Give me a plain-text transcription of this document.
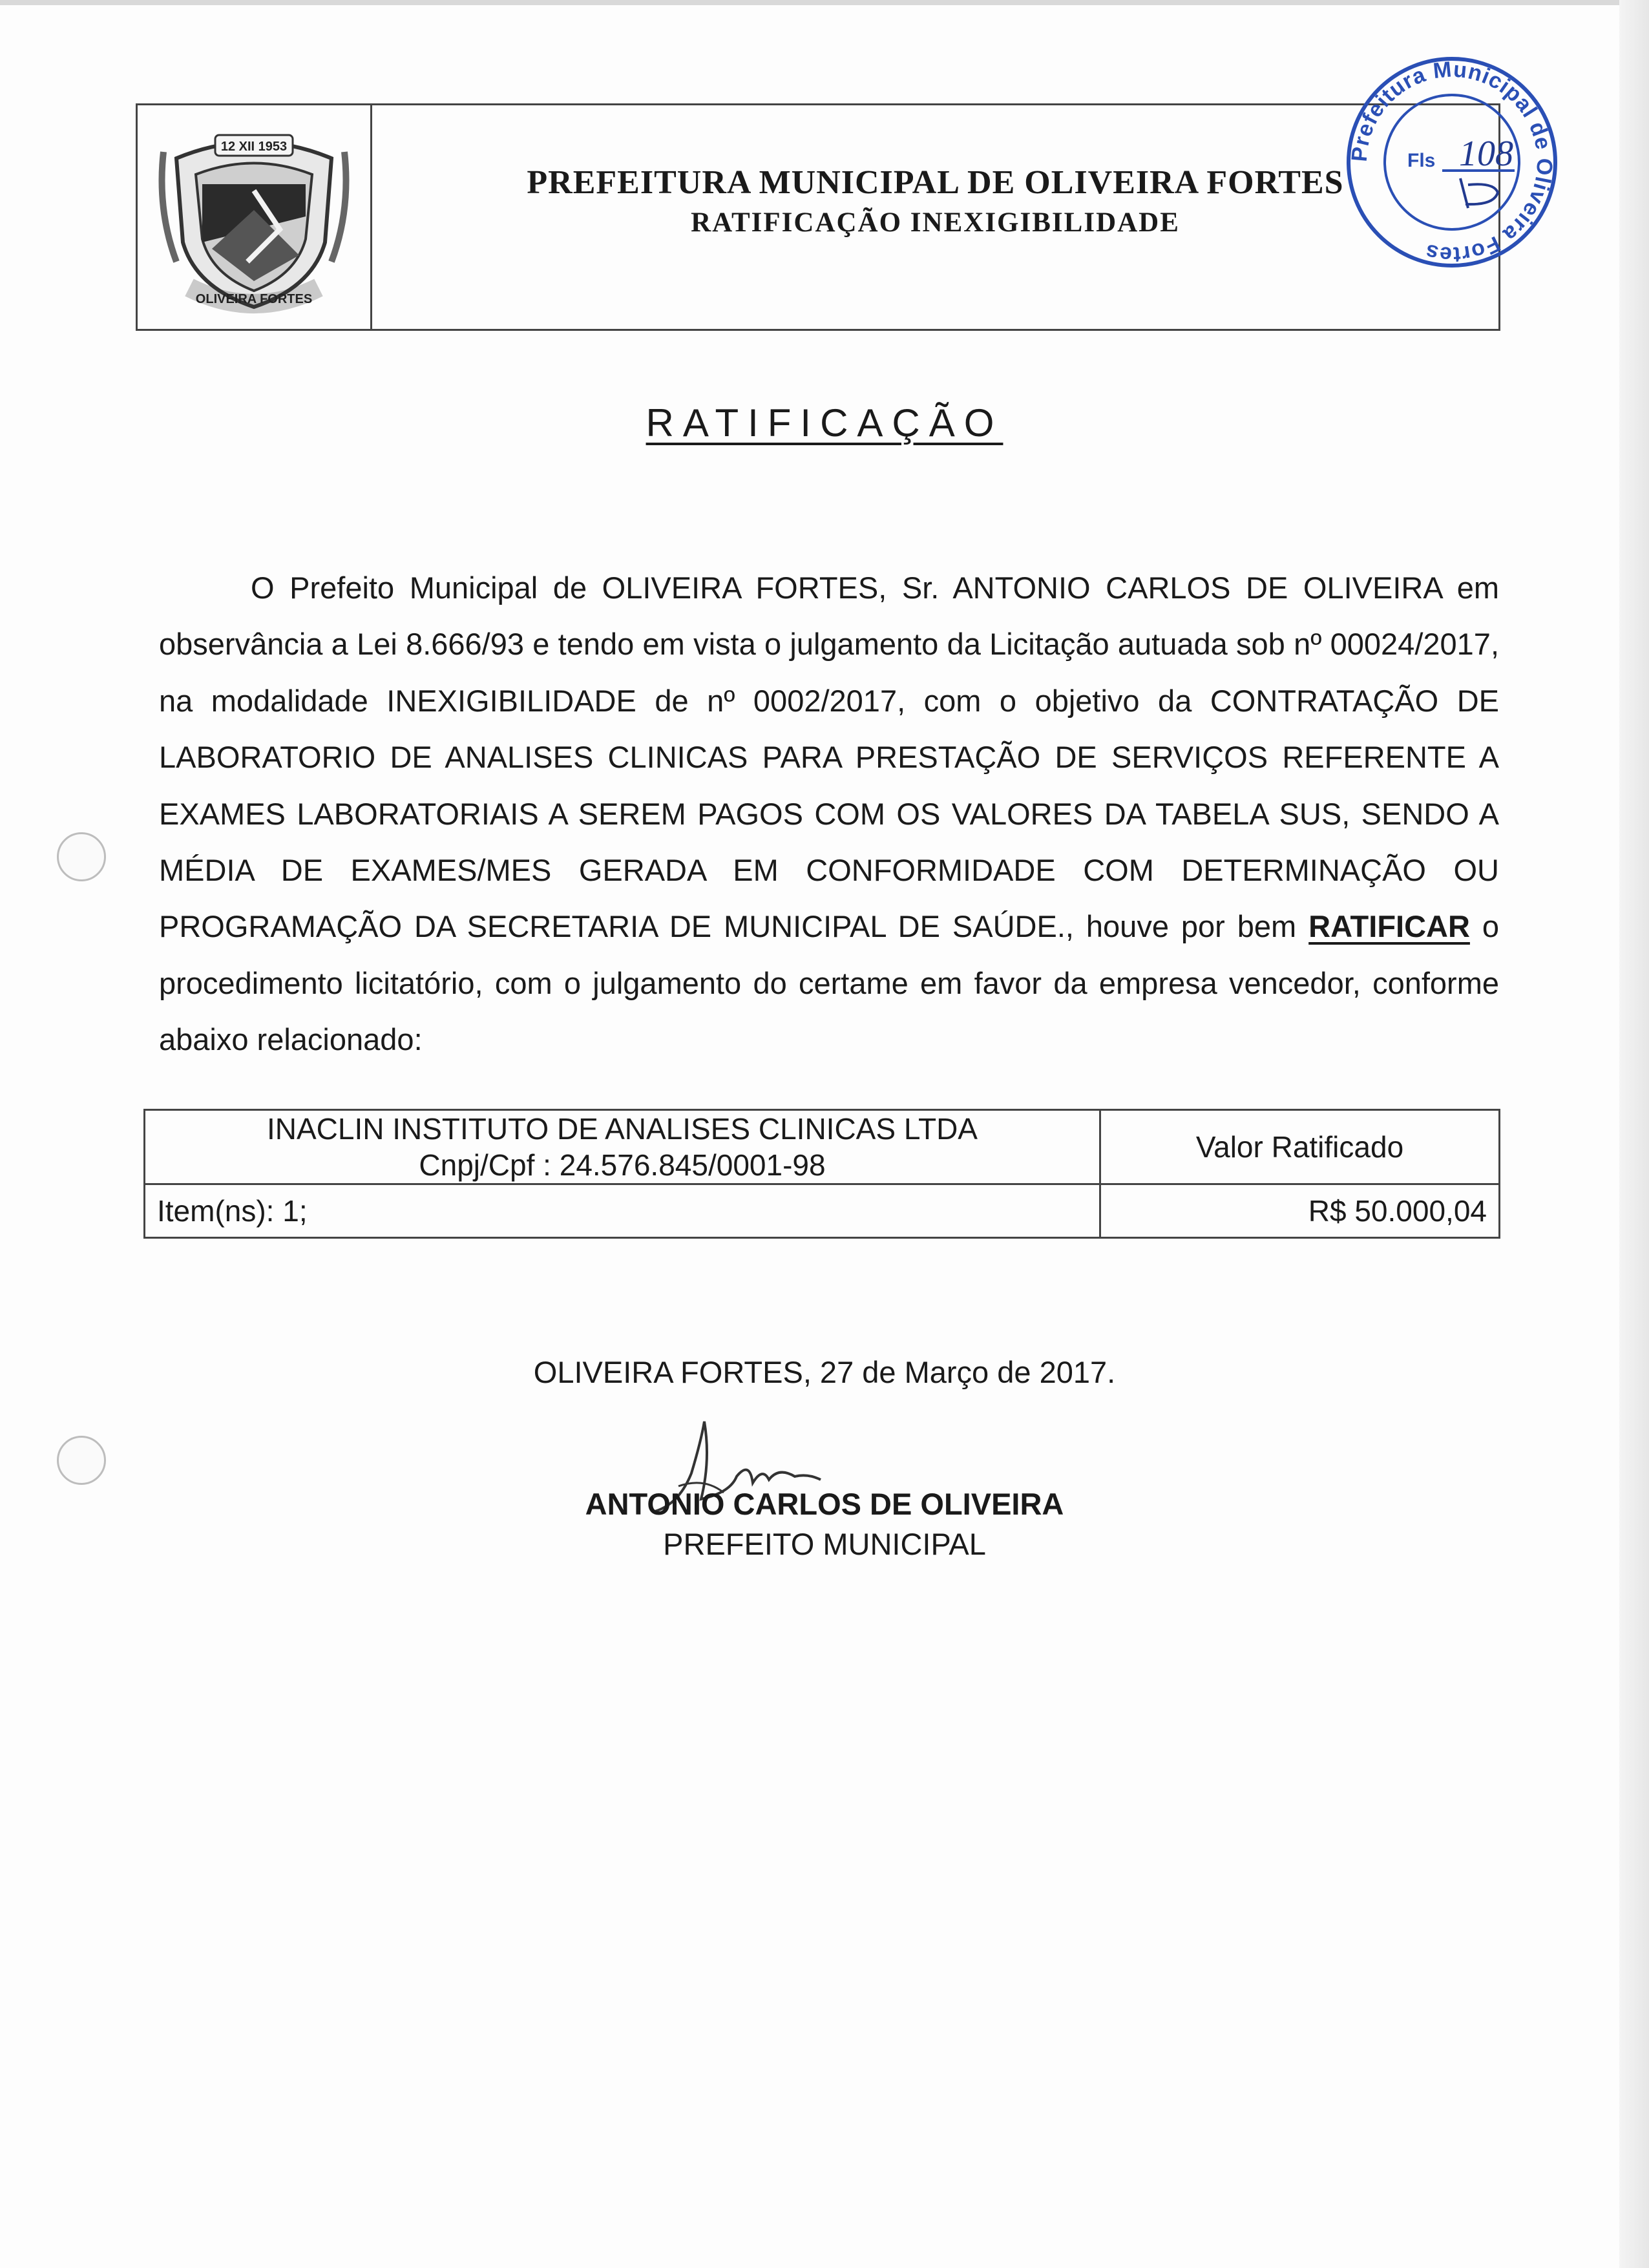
12 XII 1953
OLIVEIRA FORTES
PREFEITURA MUNICIPAL DE OLIVEIRA FORTES
RATIFICAÇÃO INEXIGIBILIDADE
Prefeitura Municipal de Oliveira Fortes
Fls 108
RATIFICAÇÃO
O Prefeito Municipal de OLIVEIRA FORTES, Sr. ANTONIO CARLOS DE OLIVEIRA em observância a Lei 8.666/93 e tendo em vista o julgamento da Licitação autuada sob nº 00024/2017, na modalidade INEXIGIBILIDADE de nº 0002/2017, com o objetivo da CONTRATAÇÃO DE LABORATORIO DE ANALISES CLINICAS PARA PRESTAÇÃO DE SERVIÇOS REFERENTE A EXAMES LABORATORIAIS A SEREM PAGOS COM OS VALORES DA TABELA SUS, SENDO A MÉDIA DE EXAMES/MES GERADA EM CONFORMIDADE COM DETERMINAÇÃO OU PROGRAMAÇÃO DA SECRETARIA DE MUNICIPAL DE SAÚDE., houve por bem RATIFICAR o procedimento licitatório, com o julgamento do certame em favor da empresa vencedor, conforme abaixo relacionado:
INACLIN INSTITUTO DE ANALISES CLINICAS LTDA
Cnpj/Cpf : 24.576.845/0001-98	Valor Ratificado
Item(ns): 1;	R$ 50.000,04
OLIVEIRA FORTES, 27 de Março de 2017.
ANTONIO CARLOS DE OLIVEIRA
PREFEITO MUNICIPAL
